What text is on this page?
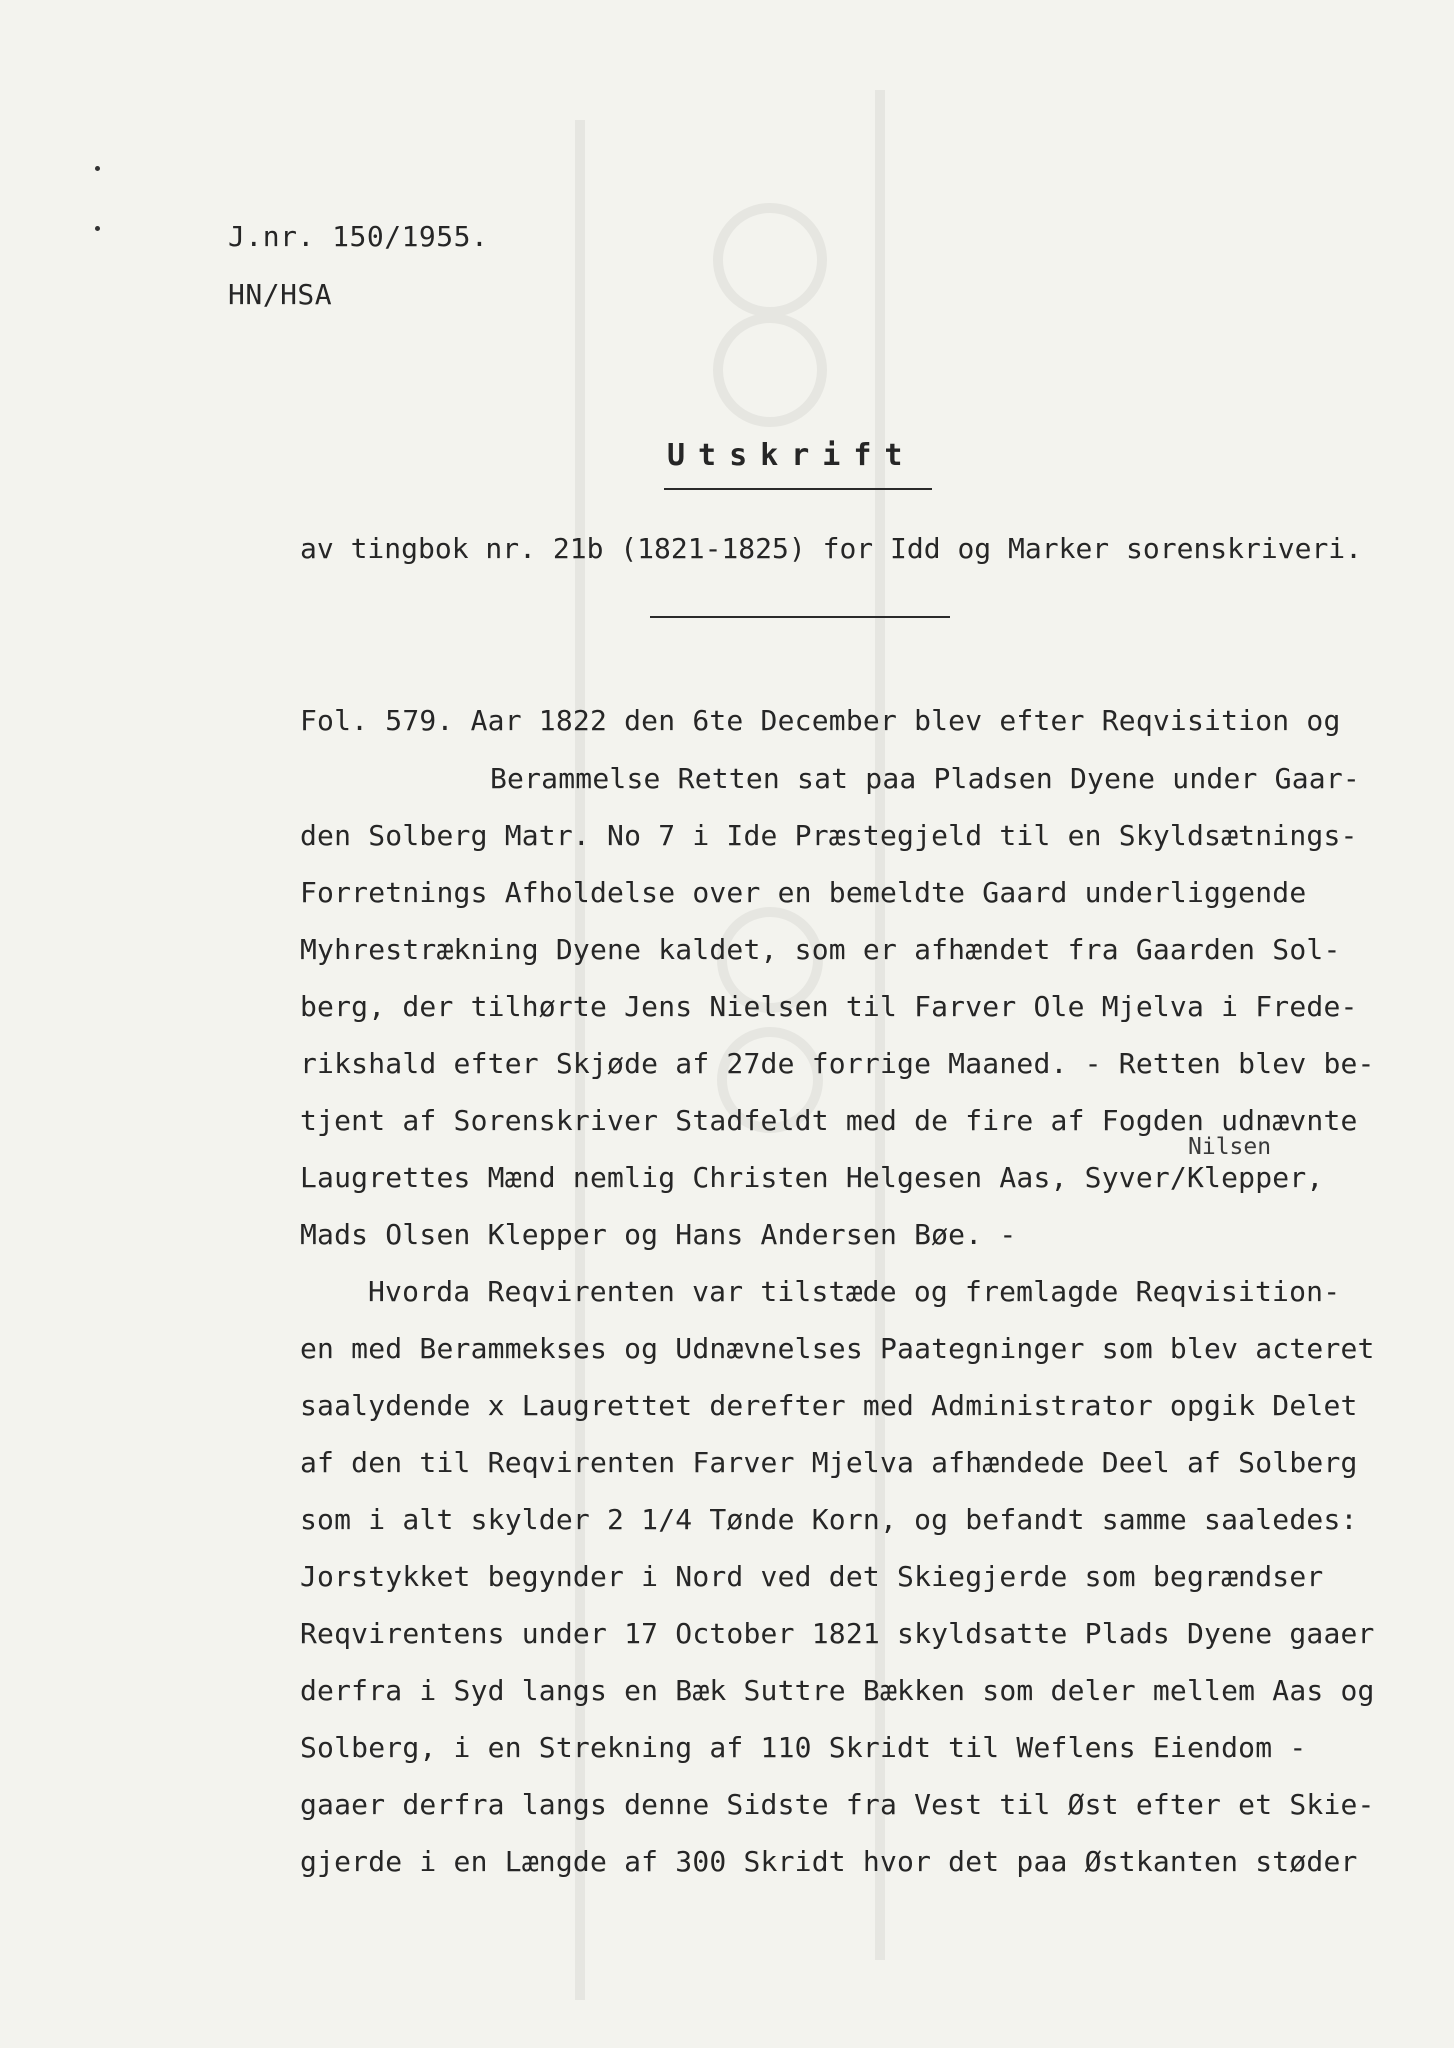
J.nr. 150/1955.
HN/HSA
Utskrift
av tingbok nr. 21b (1821-1825) for Idd og Marker sorenskriveri.
Fol. 579. Aar 1822 den 6te December blev efter Reqvisition og
Berammelse Retten sat paa Pladsen Dyene under Gaar-
den Solberg Matr. No 7 i Ide Præstegjeld til en Skyldsætnings-
Forretnings Afholdelse over en bemeldte Gaard underliggende
Myhrestrækning Dyene kaldet, som er afhændet fra Gaarden Sol-
berg, der tilhørte Jens Nielsen til Farver Ole Mjelva i Frede-
rikshald efter Skjøde af 27de forrige Maaned. - Retten blev be-
tjent af Sorenskriver Stadfeldt med de fire af Fogden udnævnte
Nilsen
Laugrettes Mænd nemlig Christen Helgesen Aas, Syver/Klepper,
Mads Olsen Klepper og Hans Andersen Bøe. -
Hvorda Reqvirenten var tilstæde og fremlagde Reqvisition-
en med Berammekses og Udnævnelses Paategninger som blev acteret
saalydende x Laugrettet derefter med Administrator opgik Delet
af den til Reqvirenten Farver Mjelva afhændede Deel af Solberg
som i alt skylder 2 1/4 Tønde Korn, og befandt samme saaledes:
Jorstykket begynder i Nord ved det Skiegjerde som begrændser
Reqvirentens under 17 October 1821 skyldsatte Plads Dyene gaaer
derfra i Syd langs en Bæk Suttre Bækken som deler mellem Aas og
Solberg, i en Strekning af 110 Skridt til Weflens Eiendom -
gaaer derfra langs denne Sidste fra Vest til Øst efter et Skie-
gjerde i en Længde af 300 Skridt hvor det paa Østkanten støder
